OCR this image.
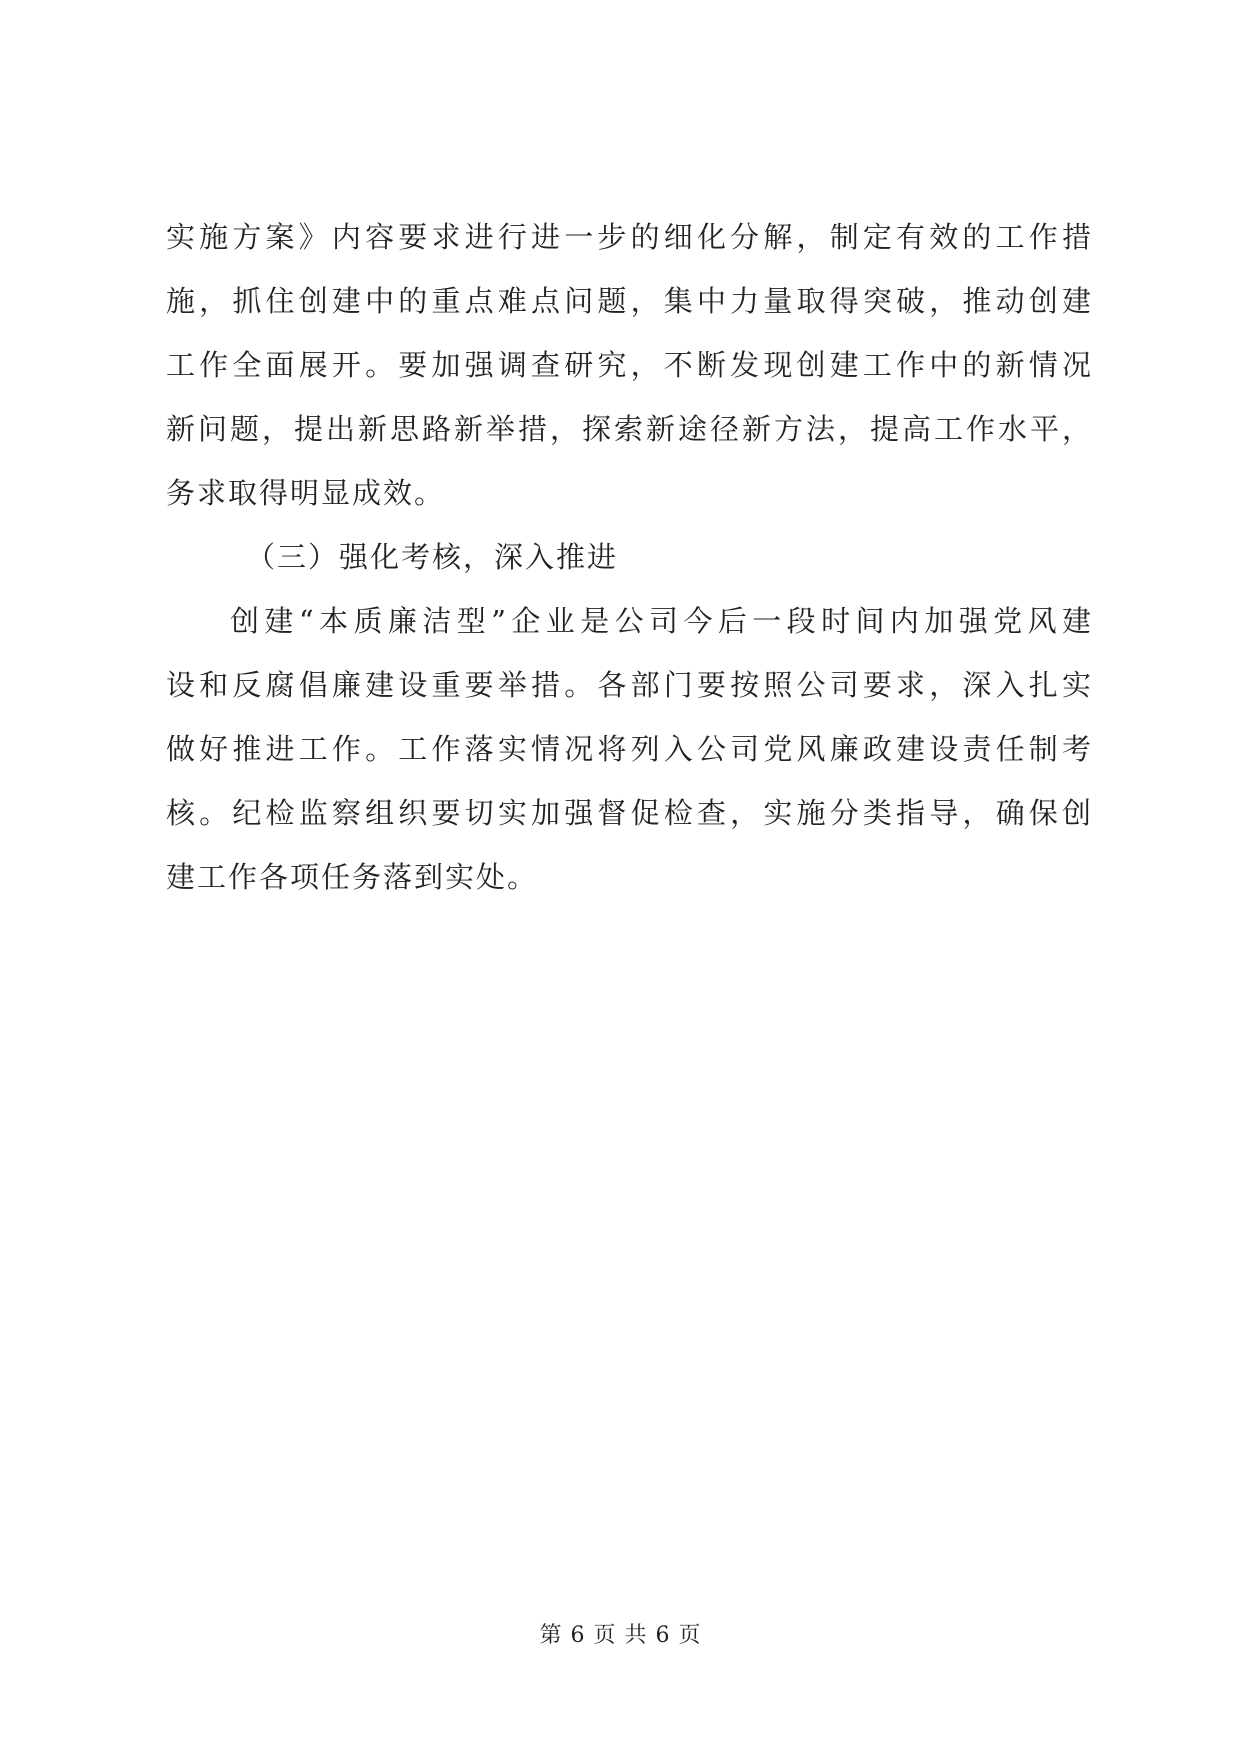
实施方案》内容要求进行进一步的细化分解，制定有效的工作措
施，抓住创建中的重点难点问题，集中力量取得突破，推动创建
工作全面展开。要加强调查研究，不断发现创建工作中的新情况
新问题，提出新思路新举措，探索新途径新方法，提高工作水平，
务求取得明显成效。
（三）强化考核，深入推进
创建“本质廉洁型”企业是公司今后一段时间内加强党风建
设和反腐倡廉建设重要举措。各部门要按照公司要求，深入扎实
做好推进工作。工作落实情况将列入公司党风廉政建设责任制考
核。纪检监察组织要切实加强督促检查，实施分类指导，确保创
建工作各项任务落到实处。
第 6 页 共 6 页
